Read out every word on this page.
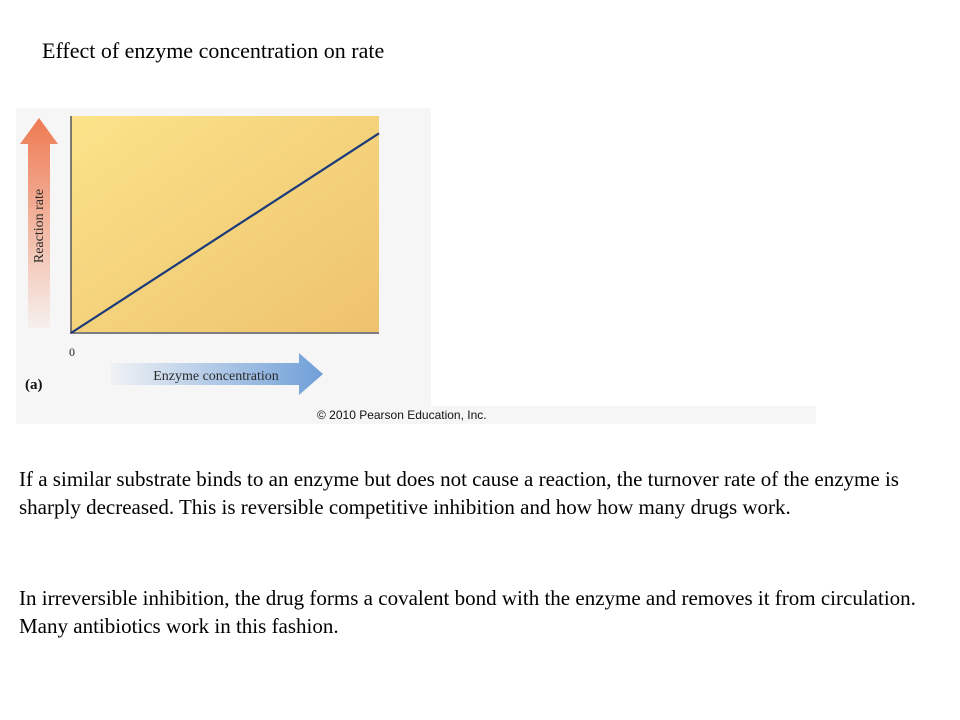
Effect of enzyme concentration on rate
Reaction rate
Enzyme concentration
0
(a)
© 2010 Pearson Education, Inc.
If a similar substrate binds to an enzyme but does not cause a reaction, the turnover rate of the enzyme is sharply decreased. This is reversible competitive inhibition and how how many drugs work.
In irreversible inhibition, the drug forms a covalent bond with the enzyme and removes it from circulation. Many antibiotics work in this fashion.
